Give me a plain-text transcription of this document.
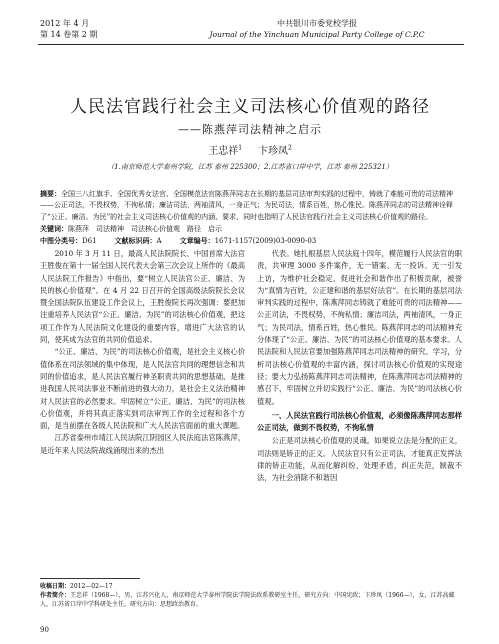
2012 年 4 月
第 14 卷第 2 期
中共银川市委党校学报
Journal of the Yinchuan Municipal Party College of C.P.C
人民法官践行社会主义司法核心价值观的路径
——陈燕萍司法精神之启示
王忠祥$^1$ 卞珍凤$^2$
（1.南京师范大学泰州学院，江苏 泰州 225300；2.江苏省口岸中学，江苏 泰州 225321）

摘要：全国三八红旗手、全国优秀女法官、全国模范法官陈燕萍同志在长期的基层司法审判实践的过程中，铸就了难能可贵的司法精神——公正司法，不畏权势，不徇私情；廉洁司法，两袖清风，一身正气；为民司法，情系百姓，热心惟民。陈燕萍同志的司法精神诠释了“公正、廉洁、为民”的社会主义司法核心价值观的内涵、要求，同时也指明了人民法官践行社会主义司法核心价值观的路径。

关键词：陈燕萍　司法精神　司法核心价值观　路径　启示

中图分类号：D61	文献标识码：A	文章编号：1671-1157(2009)03-0090-03

2010 年 3 月 11 日，最高人民法院院长、中国首席大法官王胜俊在第十一届全国人民代表大会第三次会议上所作的《最高人民法院工作报告》中指出，要“树立人民法官公正、廉洁、为民的核心价值观”。在 4 月 22 日召开的全国高级法院院长会议暨全国法院队伍建设工作会议上，王胜俊院长再次强调：要把加注重培养人民法官“公正、廉洁、为民”的司法核心价值观，把这项工作作为人民法院文化建设的重要内容，增进广大法官的认同，使其成为法官的共同价值追求。

“公正、廉洁、为民”的司法核心价值观，是社会主义核心价值体系在司法领域的集中体现，是人民法官共同的理想信念和共同的价值追求，是人民法官履行神圣职责共同的思想基础，是推进我国人民司法事业不断前进的强大动力，是社会主义法治精神对人民法官的必然要求。牢固树立“公正、廉洁、为民”的司法核心价值观，并将其真正落实到司法审判工作的全过程和各个方面，是当前摆在各级人民法院和广大人民法官面前的重大课题。

江苏省泰州市靖江人民法院江阴园区人民法庭法官陈燕萍，是近年来人民法院战线涌现出来的杰出

代表。她扎根基层人民法庭十四年，模范履行人民法官的职责，共审理 3000 多件案件，无一错案、无一投诉、无一引发上访，为维护社会稳定、促进社会和谐作出了积极贡献，被誉为“真情为百姓，公正建和谐的基层好法官”。在长期的基层司法审判实践的过程中，陈燕萍同志铸就了难能可贵的司法精神——公正司法，不畏权势，不徇私情；廉洁司法，两袖清风，一身正气；为民司法，情系百姓，热心惟民。陈燕萍同志的司法精神充分体现了“公正、廉洁、为民”的司法核心价值观的基本要求。人民法院和人民法官要加强陈燕萍同志司法精神的研究、学习，分析司法核心价值观的丰富内涵，探讨司法核心价值观的实现途径；要大力弘扬陈燕萍同志司法精神，在陈燕萍同志司法精神的感召下，牢固树立并切实践行“公正、廉洁、为民”的司法核心价值观。

一、人民法官践行司法核心价值观，必须像陈燕萍同志那样公正司法，做到不畏权势，不徇私情

公正是司法核心价值观的灵魂。如果说立法是分配的正义，司法则是矫正的正义。人民法官只有公正司法，才能真正发挥法律的矫正功能，从而化解纠纷，处理矛盾，纠正失范，制裁不法，为社会消除不和谐因

收稿日期：2012—02—17
作者简介：王忠祥（1968—），男，江苏兴化人，南京师范大学泰州学院法学院法政系教研室主任，研究方向：中国宪政；卞珍凤（1966—），女，江苏高邮人，江苏省口岸中学科研处主任，研究方向：思想政治教育。
90
